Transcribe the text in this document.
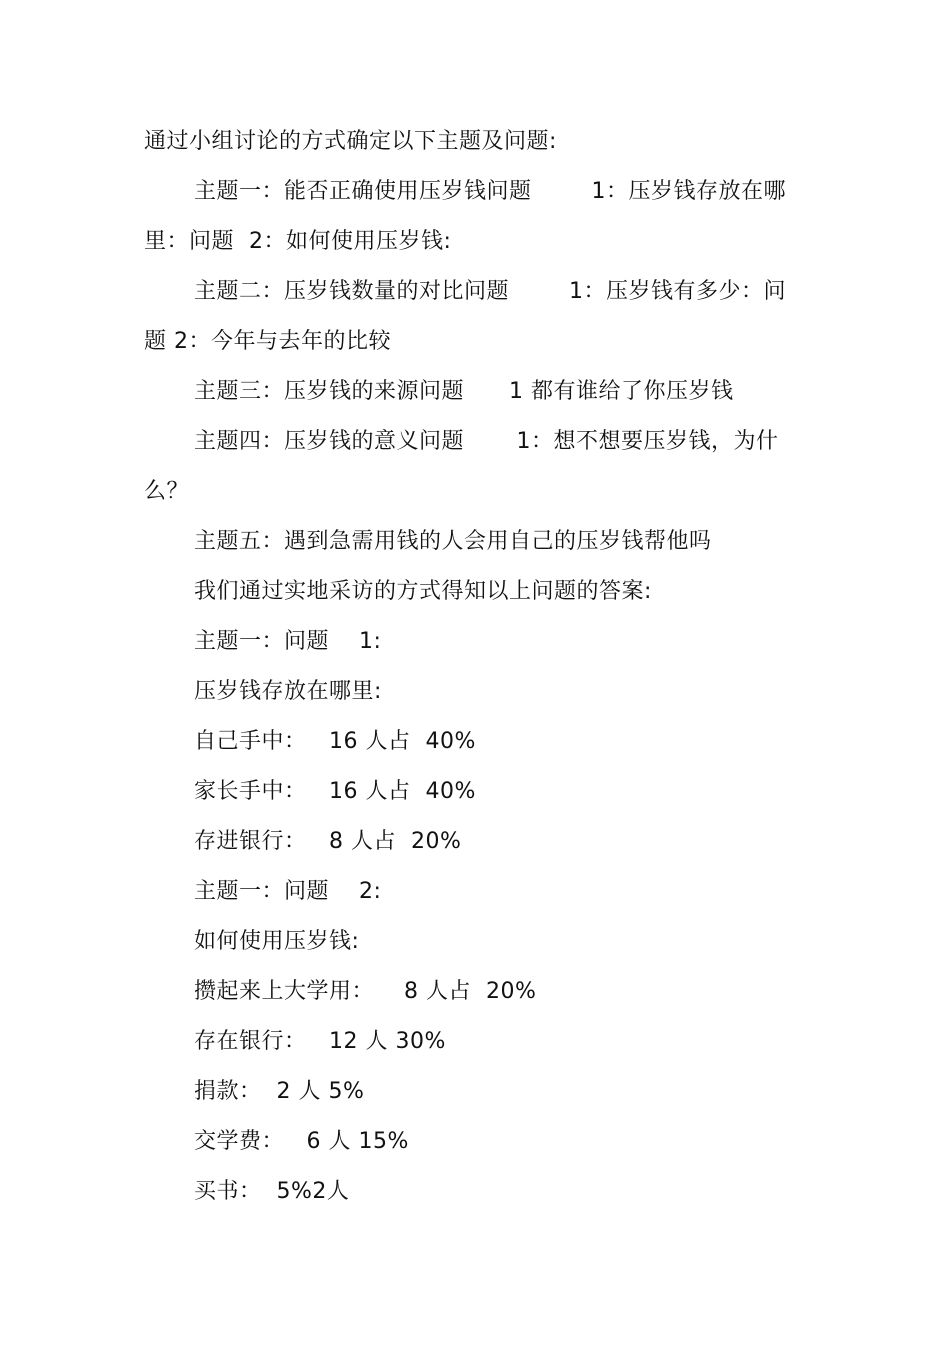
通过小组讨论的方式确定以下主题及问题:
主题一：能否正确使用压岁钱问题        1：压岁钱存放在哪
里：问题  2：如何使用压岁钱:
主题二：压岁钱数量的对比问题        1：压岁钱有多少：问
题 2：今年与去年的比较
主题三：压岁钱的来源问题      1 都有谁给了你压岁钱
主题四：压岁钱的意义问题       1：想不想要压岁钱，为什
么？
主题五：遇到急需用钱的人会用自己的压岁钱帮他吗
我们通过实地采访的方式得知以上问题的答案:
主题一：问题    1:
压岁钱存放在哪里:
自己手中：   16 人占  40%
家长手中：   16 人占  40%
存进银行：   8 人占  20%
主题一：问题    2:
如何使用压岁钱:
攒起来上大学用：    8 人占  20%
存在银行：   12 人 30%
捐款：  2 人 5%
交学费：   6 人 15%
买书：  5%2人
